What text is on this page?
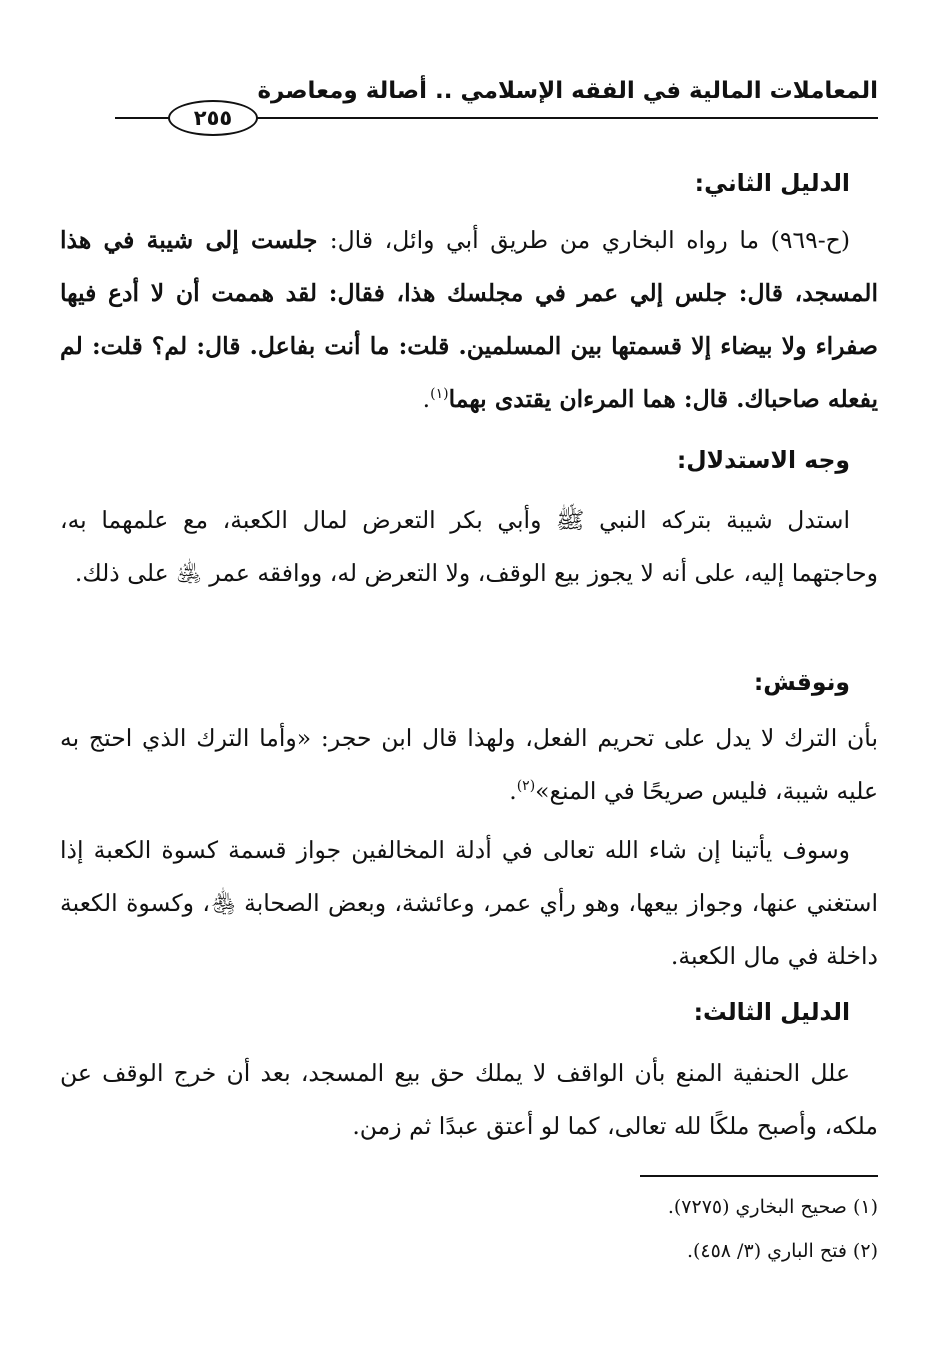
المعاملات المالية في الفقه الإسلامي .. أصالة ومعاصرة
٢٥٥
الدليل الثاني:

(ح-٩٦٩) ما رواه البخاري من طريق أبي وائل، قال: جلست إلى شيبة في هذا المسجد، قال: جلس إلي عمر في مجلسك هذا، فقال: لقد هممت أن لا أدع فيها صفراء ولا بيضاء إلا قسمتها بين المسلمين. قلت: ما أنت بفاعل. قال: لم؟ قلت: لم يفعله صاحباك. قال: هما المرءان يقتدى بهما$^{(١)}$.

وجه الاستدلال:

استدل شيبة بتركه النبي ﷺ وأبي بكر التعرض لمال الكعبة، مع علمهما به، وحاجتهما إليه، على أنه لا يجوز بيع الوقف، ولا التعرض له، ووافقه عمر ﵁ على ذلك.

ونوقش:

بأن الترك لا يدل على تحريم الفعل، ولهذا قال ابن حجر: «وأما الترك الذي احتج به عليه شيبة، فليس صريحًا في المنع»$^{(٢)}$.

وسوف يأتينا إن شاء الله تعالى في أدلة المخالفين جواز قسمة كسوة الكعبة إذا استغني عنها، وجواز بيعها، وهو رأي عمر، وعائشة، وبعض الصحابة ﵃، وكسوة الكعبة داخلة في مال الكعبة.

الدليل الثالث:

علل الحنفية المنع بأن الواقف لا يملك حق بيع المسجد، بعد أن خرج الوقف عن ملكه، وأصبح ملكًا لله تعالى، كما لو أعتق عبدًا ثم زمن.

(١) صحيح البخاري (٧٢٧٥).
(٢) فتح الباري (٣/ ٤٥٨).
